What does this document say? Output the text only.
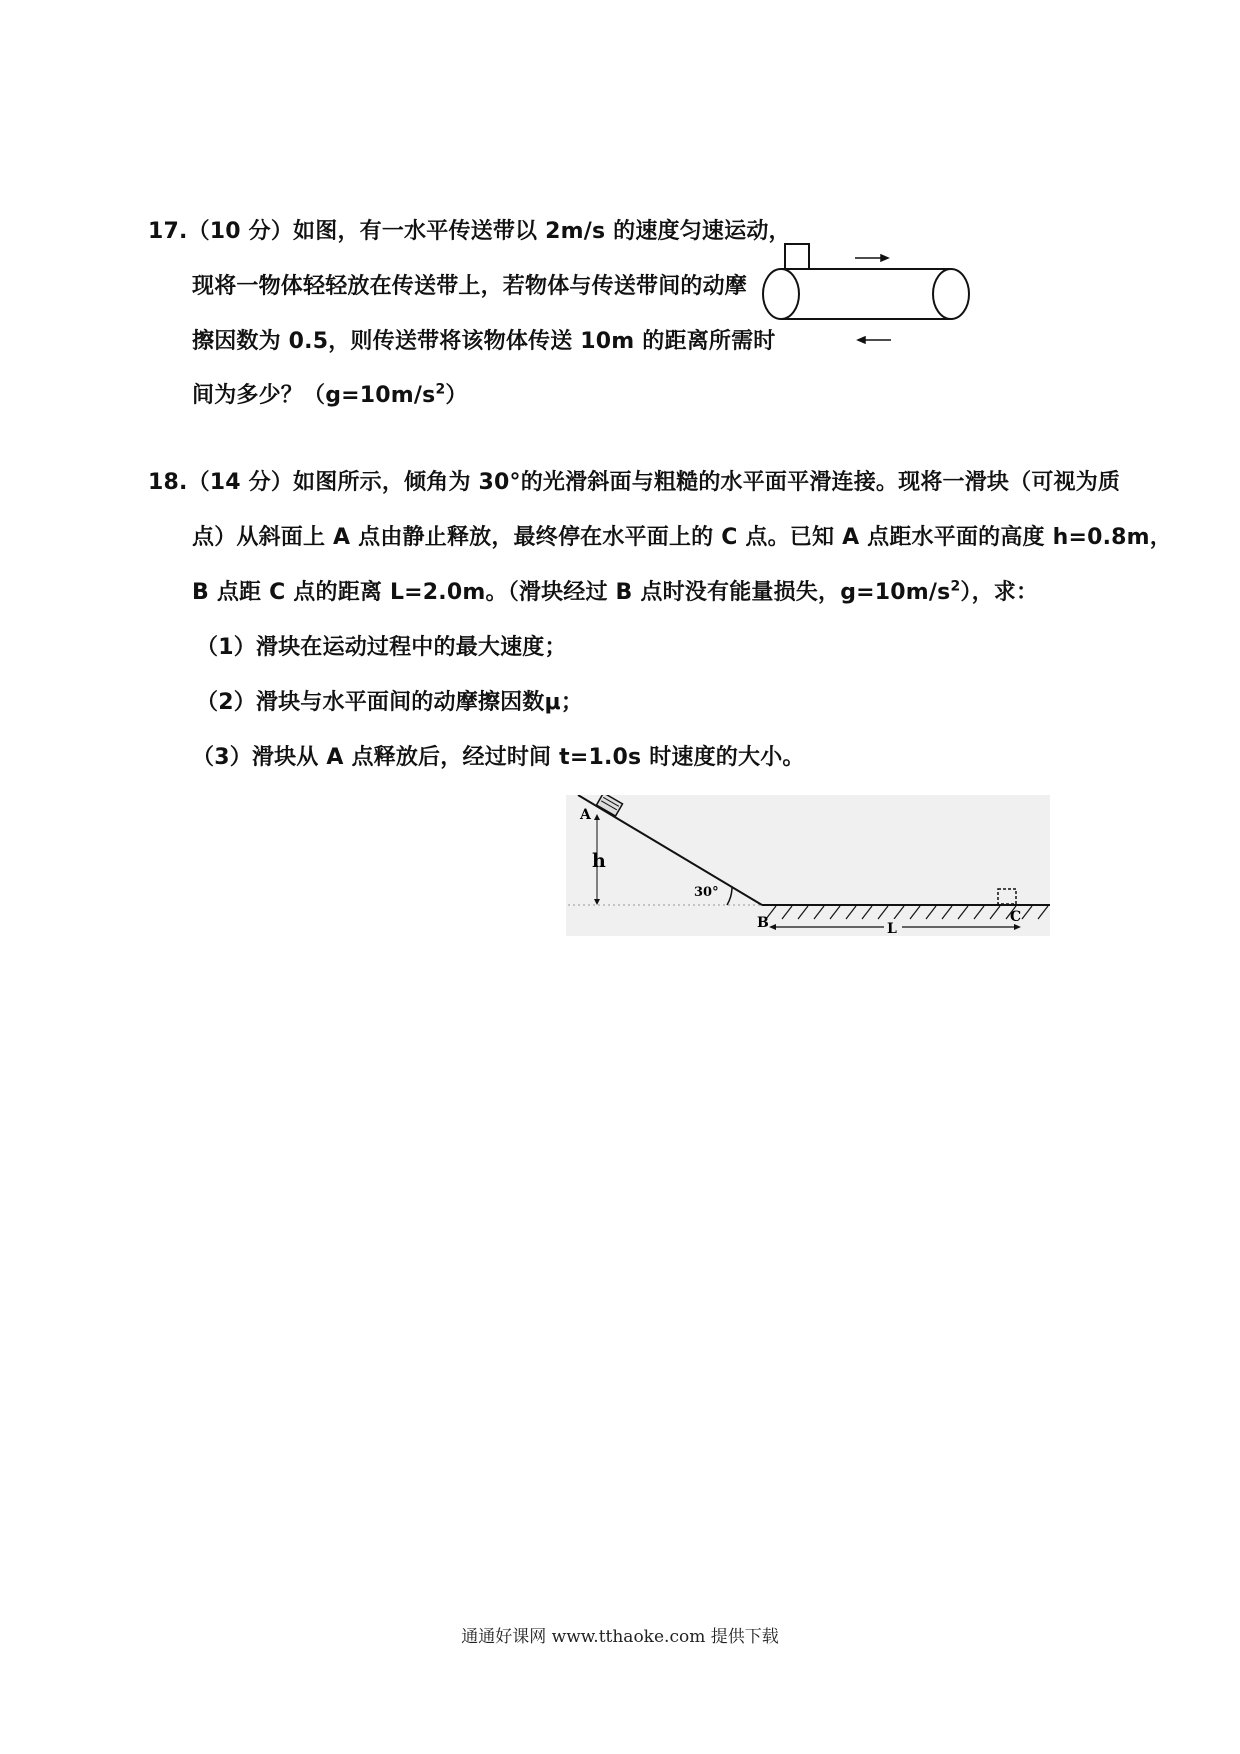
17.（10 分）如图，有一水平传送带以 2m/s 的速度匀速运动，
现将一物体轻轻放在传送带上，若物体与传送带间的动摩
擦因数为 0.5，则传送带将该物体传送 10m 的距离所需时
间为多少？$(g=10m/s^2)$
18.（14 分）如图所示，倾角为 30°的光滑斜面与粗糙的水平面平滑连接。现将一滑块（可视为质
点）从斜面上 A 点由静止释放，最终停在水平面上的 C 点。已知 A 点距水平面的高度 h=0.8m，
B 点距 C 点的距离 L=2.0m。（滑块经过 B 点时没有能量损失，$g=10m/s^2$），求：
（1）滑块在运动过程中的最大速度；
（2）滑块与水平面间的动摩擦因数μ；
（3）滑块从 A 点释放后，经过时间 t=1.0s 时速度的大小。
A
h
30°
B	C
L
通通好课网 www.tthaoke.com 提供下载
